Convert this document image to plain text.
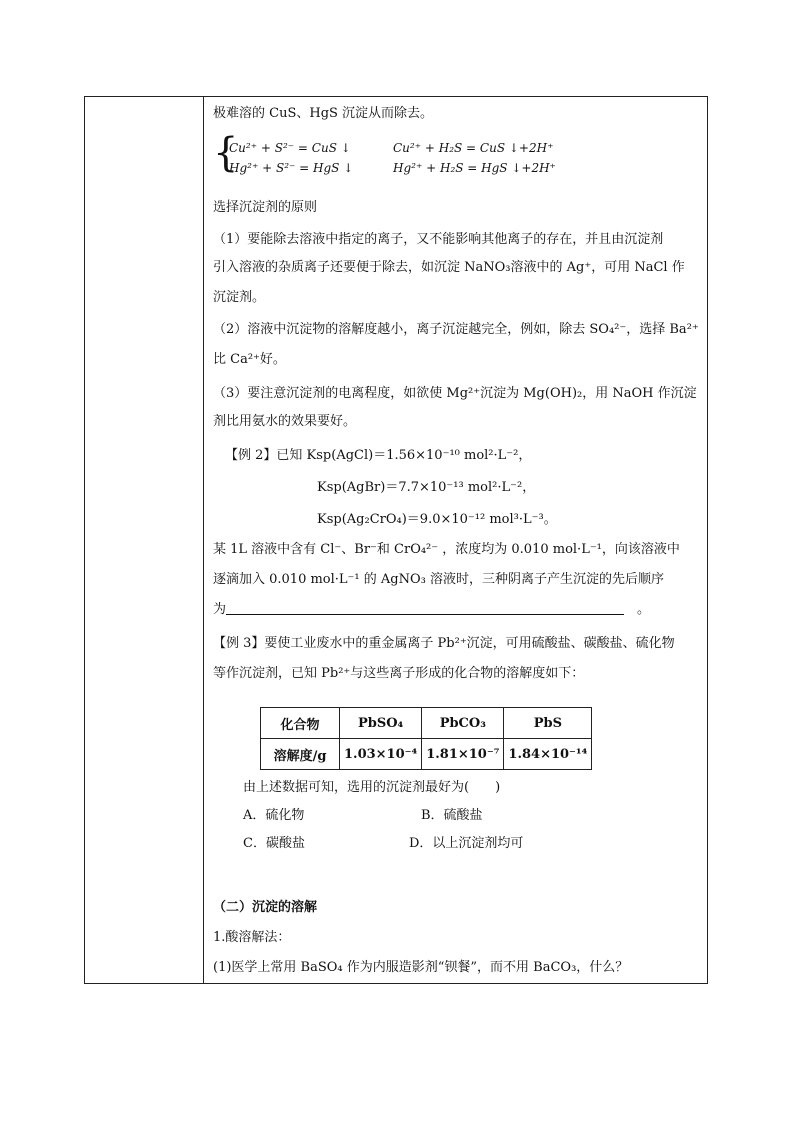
极难溶的 CuS、HgS 沉淀从而除去。
{
Cu²⁺ + S²⁻ = CuS ↓	Cu²⁺ + H₂S = CuS ↓+2H⁺
Hg²⁺ + S²⁻ = HgS ↓	Hg²⁺ + H₂S = HgS ↓+2H⁺
选择沉淀剂的原则
（1）要能除去溶液中指定的离子，又不能影响其他离子的存在，并且由沉淀剂
引入溶液的杂质离子还要便于除去，如沉淀 NaNO₃溶液中的 Ag⁺，可用 NaCl 作
沉淀剂。
（2）溶液中沉淀物的溶解度越小，离子沉淀越完全，例如，除去 SO₄²⁻，选择 Ba²⁺
比 Ca²⁺好。
（3）要注意沉淀剂的电离程度，如欲使 Mg²⁺沉淀为 Mg(OH)₂，用 NaOH 作沉淀
剂比用氨水的效果要好。
【例 2】已知 Ksp(AgCl)＝1.56×10⁻¹⁰ mol²·L⁻²，
Ksp(AgBr)＝7.7×10⁻¹³ mol²·L⁻²，
Ksp(Ag₂CrO₄)＝9.0×10⁻¹² mol³·L⁻³。
某 1L 溶液中含有 Cl⁻、Br⁻和 CrO₄²⁻ ，浓度均为 0.010 mol·L⁻¹，向该溶液中
逐滴加入 0.010 mol·L⁻¹ 的 AgNO₃ 溶液时，三种阴离子产生沉淀的先后顺序
为　	。
【例 3】要使工业废水中的重金属离子 Pb²⁺沉淀，可用硫酸盐、碳酸盐、硫化物
等作沉淀剂，已知 Pb²⁺与这些离子形成的化合物的溶解度如下：
化合物	PbSO₄	PbCO₃	PbS
溶解度/g	1.03×10⁻⁴	1.81×10⁻⁷	1.84×10⁻¹⁴
由上述数据可知，选用的沉淀剂最好为(　　)
A．硫化物	B．硫酸盐
C．碳酸盐	D．以上沉淀剂均可
（二）沉淀的溶解
1.酸溶解法：
(1)医学上常用 BaSO₄ 作为内服造影剂“钡餐”，而不用 BaCO₃，什么？
